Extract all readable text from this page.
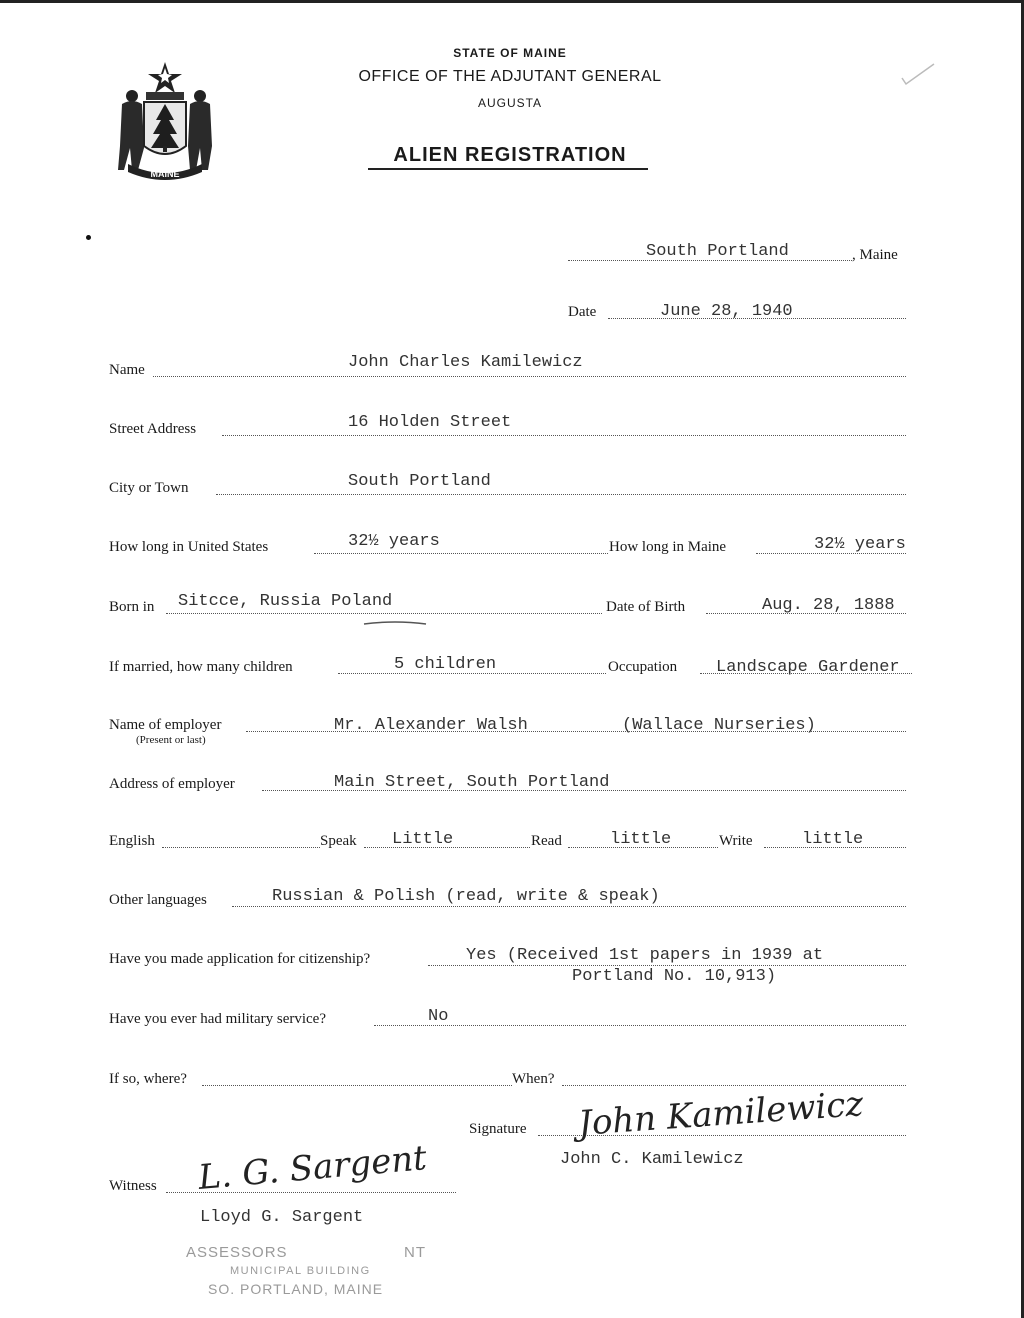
MAINE
STATE OF MAINE
OFFICE OF THE ADJUTANT GENERAL
AUGUSTA
ALIEN REGISTRATION
South Portland	, Maine
Date	June 28, 1940
Name	John Charles Kamilewicz
Street Address	16 Holden Street
City or Town	South Portland
How long in United States	32½ years	How long in Maine	32½ years
Born in Sitcce, Russia Poland	Date of Birth	Aug. 28, 1888
If married, how many children	5 children	Occupation Landscape Gardener
Name of employer
(Present or last)
Mr. Alexander Walsh	(Wallace Nurseries)
Address of employer	Main Street, South Portland
English	Speak Little	Read	little	Write	little
Other languages	Russian & Polish (read, write & speak)
Have you made application for citizenship?	Yes (Received 1st papers in 1939 at
Portland No. 10,913)
Have you ever had military service?	No
If so, where?	When?
Signature John Kamilewicz
John C. Kamilewicz
Witness L. G. Sargent
Lloyd G. Sargent
ASSESSORS	NT
MUNICIPAL BUILDING
SO. PORTLAND, MAINE
